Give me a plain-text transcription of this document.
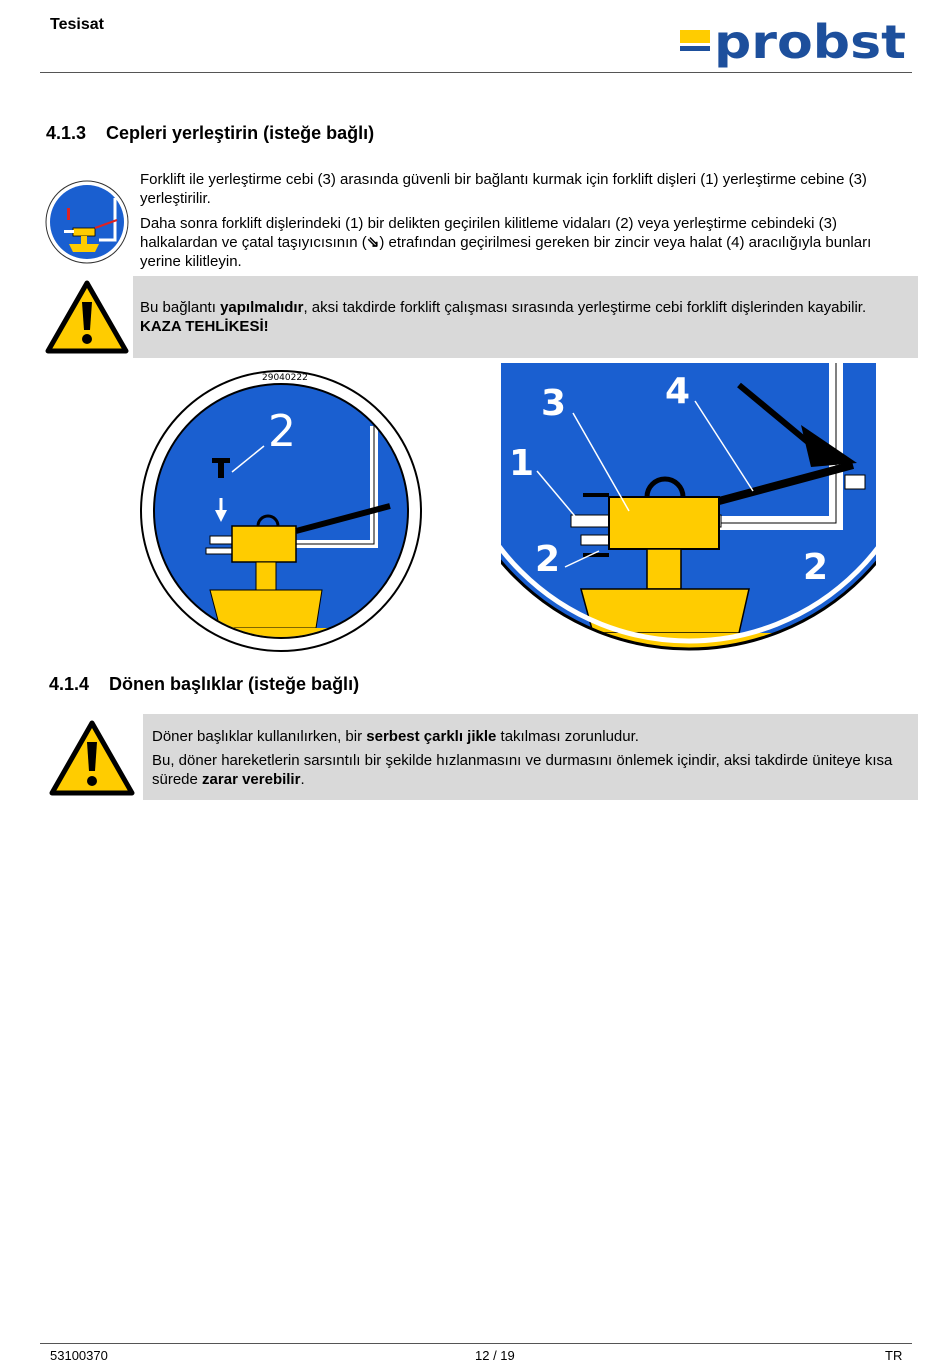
Tesisat	probst
4.1.3 Cepleri yerleştirin (isteğe bağlı)
Forklift ile yerleştirme cebi (3) arasında güvenli bir bağlantı kurmak için forklift dişleri (1) yerleştirme cebine (3) yerleştirilir.
Daha sonra forklift dişlerindeki (1) bir delikten geçirilen kilitleme vidaları (2) veya yerleştirme cebindeki (3) halkalardan ve çatal taşıyıcısının (⇘) etrafından geçirilmesi gereken bir zincir veya halat (4) aracılığıyla bunları yerine kilitleyin.
Bu bağlantı yapılmalıdır, aksi takdirde forklift çalışması sırasında yerleştirme cebi forklift dişlerinden kayabilir. KAZA TEHLİKESİ!
29040222
2
1
2
3	4
2
4.1.4 Dönen başlıklar (isteğe bağlı)
Döner başlıklar kullanılırken, bir serbest çarklı jikle takılması zorunludur.
Bu, döner hareketlerin sarsıntılı bir şekilde hızlanmasını ve durmasını önlemek içindir, aksi takdirde üniteye kısa sürede zarar verebilir.
53100370	12 / 19	TR
